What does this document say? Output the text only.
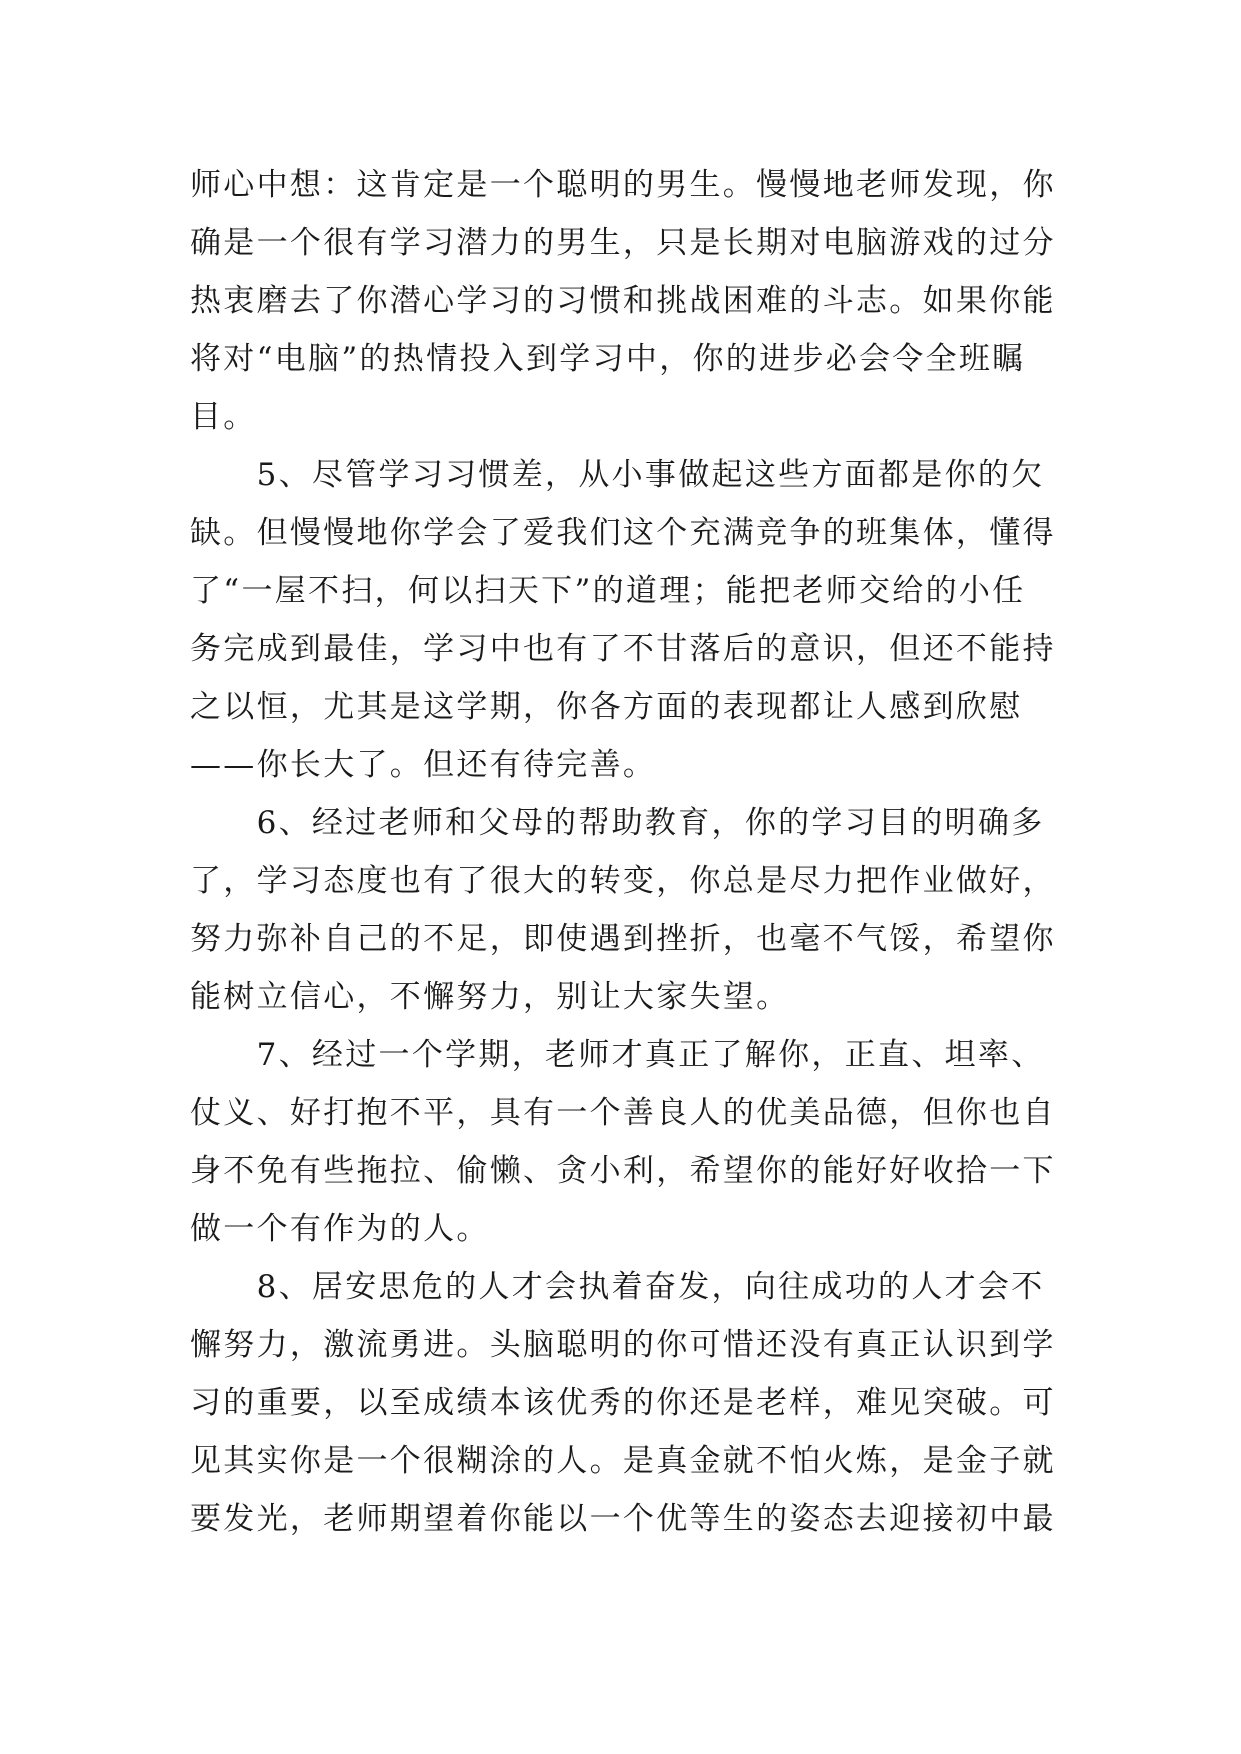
师心中想：这肯定是一个聪明的男生。慢慢地老师发现，你
确是一个很有学习潜力的男生，只是长期对电脑游戏的过分
热衷磨去了你潜心学习的习惯和挑战困难的斗志。如果你能
将对“电脑”的热情投入到学习中，你的进步必会令全班瞩
目。

　　5、尽管学习习惯差，从小事做起这些方面都是你的欠
缺。但慢慢地你学会了爱我们这个充满竞争的班集体，懂得
了“一屋不扫，何以扫天下”的道理；能把老师交给的小任
务完成到最佳，学习中也有了不甘落后的意识，但还不能持
之以恒，尤其是这学期，你各方面的表现都让人感到欣慰
——你长大了。但还有待完善。

　　6、经过老师和父母的帮助教育，你的学习目的明确多
了，学习态度也有了很大的转变，你总是尽力把作业做好，
努力弥补自己的不足，即使遇到挫折，也毫不气馁，希望你
能树立信心，不懈努力，别让大家失望。

　　7、经过一个学期，老师才真正了解你，正直、坦率、
仗义、好打抱不平，具有一个善良人的优美品德，但你也自
身不免有些拖拉、偷懒、贪小利，希望你的能好好收拾一下
做一个有作为的人。

　　8、居安思危的人才会执着奋发，向往成功的人才会不
懈努力，激流勇进。头脑聪明的你可惜还没有真正认识到学
习的重要，以至成绩本该优秀的你还是老样，难见突破。可
见其实你是一个很糊涂的人。是真金就不怕火炼，是金子就
要发光，老师期望着你能以一个优等生的姿态去迎接初中最
